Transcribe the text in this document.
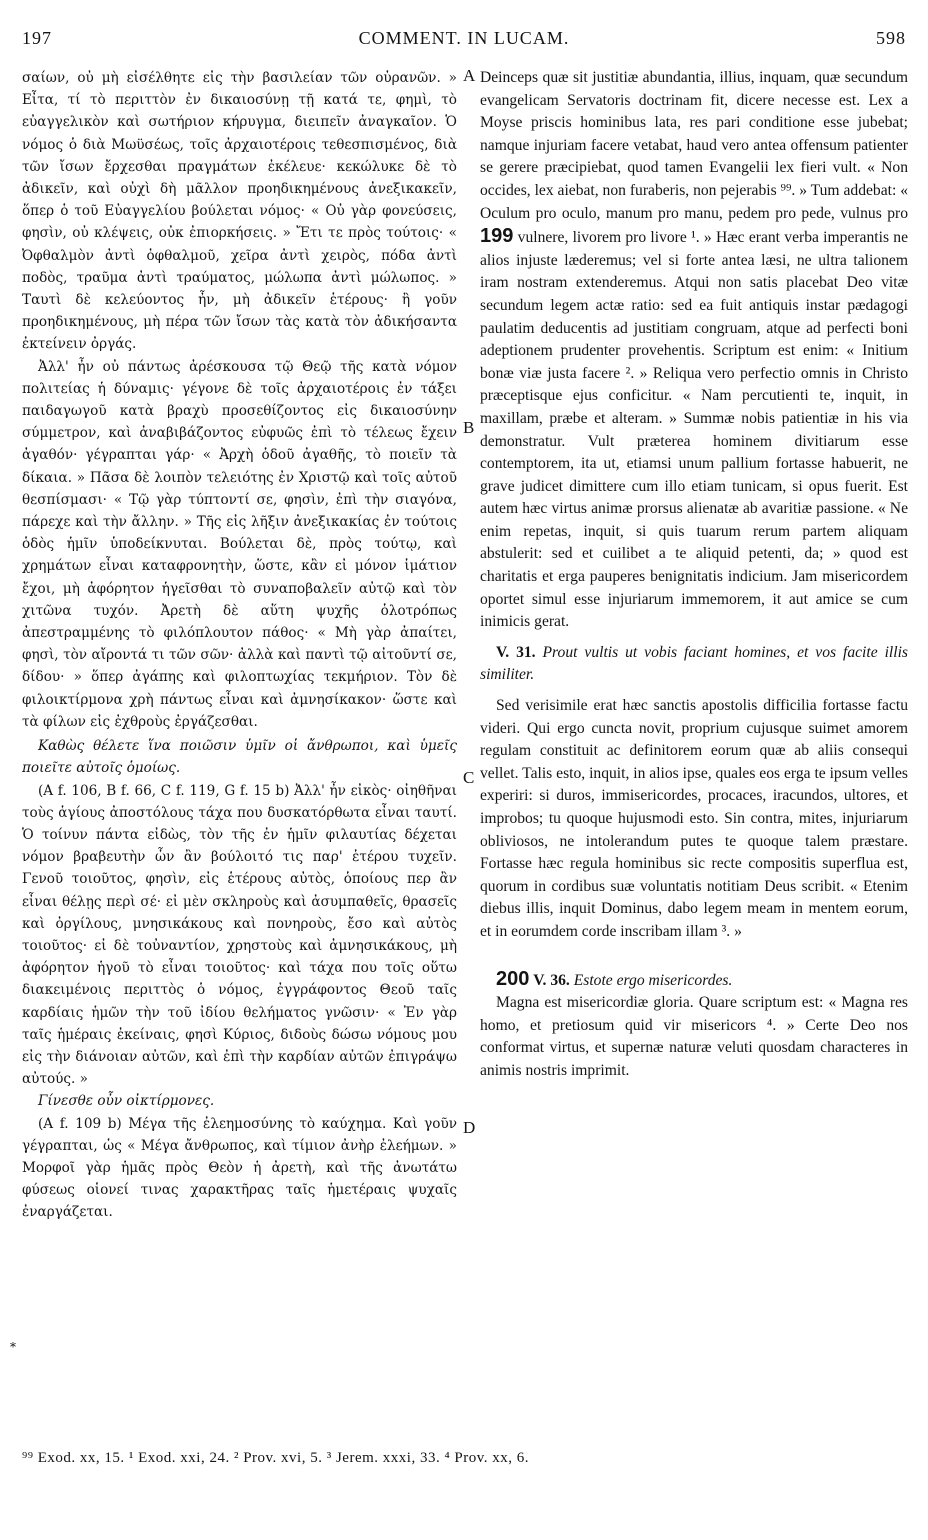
197	COMMENT. IN LUCAM.	598

σαίων, οὐ μὴ εἰσέλθητε εἰς τὴν βασιλείαν τῶν οὐρανῶν. » Εἶτα, τί τὸ περιττὸν ἐν δικαιοσύνῃ τῇ κατά τε, φημὶ, τὸ εὐαγγελικὸν καὶ σωτήριον κήρυγμα, διειπεῖν ἀναγκαῖον. Ὁ νόμος ὁ διὰ Μωϋσέως, τοῖς ἀρχαιοτέροις τεθεσπισμένος, διὰ τῶν ἴσων ἔρχεσθαι πραγμάτων ἐκέλευε· κεκώλυκε δὲ τὸ ἀδικεῖν, καὶ οὐχὶ δὴ μᾶλλον προηδικημένους ἀνεξικακεῖν, ὅπερ ὁ τοῦ Εὐαγγελίου βούλεται νόμος· « Οὐ γὰρ φονεύσεις, φησὶν, οὐ κλέψεις, οὐκ ἐπιορκήσεις. » Ἔτι τε πρὸς τούτοις· « Ὀφθαλμὸν ἀντὶ ὀφθαλμοῦ, χεῖρα ἀντὶ χειρὸς, πόδα ἀντὶ ποδὸς, τραῦμα ἀντὶ τραύματος, μώλωπα ἀντὶ μώλωπος. » Ταυτὶ δὲ κελεύοντος ἦν, μὴ ἀδικεῖν ἑτέρους· ἢ γοῦν προηδικημένους, μὴ πέρα τῶν ἴσων τὰς κατὰ τὸν ἀδικήσαντα ἐκτείνειν ὀργάς.

Ἀλλ' ἦν οὐ πάντως ἀρέσκουσα τῷ Θεῷ τῆς κατὰ νόμον πολιτείας ἡ δύναμις· γέγονε δὲ τοῖς ἀρχαιοτέροις ἐν τάξει παιδαγωγοῦ κατὰ βραχὺ προσεθίζοντος εἰς δικαιοσύνην σύμμετρον, καὶ ἀναβιβάζοντος εὐφυῶς ἐπὶ τὸ τέλεως ἔχειν ἀγαθόν· γέγραπται γάρ· « Ἀρχὴ ὁδοῦ ἀγαθῆς, τὸ ποιεῖν τὰ δίκαια. » Πᾶσα δὲ λοιπὸν τελειότης ἐν Χριστῷ καὶ τοῖς αὐτοῦ θεσπίσμασι· « Τῷ γὰρ τύπτοντί σε, φησὶν, ἐπὶ τὴν σιαγόνα, πάρεχε καὶ τὴν ἄλλην. » Τῆς εἰς λῆξιν ἀνεξικακίας ἐν τούτοις ὁδὸς ἡμῖν ὑποδείκνυται. Βούλεται δὲ, πρὸς τούτῳ, καὶ χρημάτων εἶναι καταφρονητὴν, ὥστε, κἂν εἰ μόνον ἱμάτιον ἔχοι, μὴ ἀφόρητον ἡγεῖσθαι τὸ συναποβαλεῖν αὐτῷ καὶ τὸν χιτῶνα τυχόν. Ἀρετὴ δὲ αὕτη ψυχῆς ὁλοτρόπως ἀπεστραμμένης τὸ φιλόπλουτον πάθος· « Μὴ γὰρ ἀπαίτει, φησὶ, τὸν αἴροντά τι τῶν σῶν· ἀλλὰ καὶ παντὶ τῷ αἰτοῦντί σε, δίδου· » ὅπερ ἀγάπης καὶ φιλοπτωχίας τεκμήριον. Τὸν δὲ φιλοικτίρμονα χρὴ πάντως εἶναι καὶ ἀμνησίκακον· ὥστε καὶ τὰ φίλων εἰς ἐχθροὺς ἐργάζεσθαι.

Καθὼς θέλετε ἵνα ποιῶσιν ὑμῖν οἱ ἄνθρωποι, καὶ ὑμεῖς ποιεῖτε αὐτοῖς ὁμοίως.

(A f. 106, B f. 66, C f. 119, G f. 15 b) Ἀλλ' ἦν εἰκὸς· οἰηθῆναι τοὺς ἁγίους ἀποστόλους τάχα που δυσκατόρθωτα εἶναι ταυτί. Ὁ τοίνυν πάντα εἰδὼς, τὸν τῆς ἐν ἡμῖν φιλαυτίας δέχεται νόμον βραβευτὴν ὧν ἂν βούλοιτό τις παρ' ἑτέρου τυχεῖν. Γενοῦ τοιοῦτος, φησὶν, εἰς ἑτέρους αὐτὸς, ὁποίους περ ἂν εἶναι θέλῃς περὶ σέ· εἰ μὲν σκληροὺς καὶ ἀσυμπαθεῖς, θρασεῖς καὶ ὀργίλους, μνησικάκους καὶ πονηροὺς, ἔσο καὶ αὐτὸς τοιοῦτος· εἰ δὲ τοὐναντίον, χρηστοὺς καὶ ἀμνησικάκους, μὴ ἀφόρητον ἡγοῦ τὸ εἶναι τοιοῦτος· καὶ τάχα που τοῖς οὕτω διακειμένοις περιττὸς ὁ νόμος, ἐγγράφοντος Θεοῦ ταῖς καρδίαις ἡμῶν τὴν τοῦ ἰδίου θελήματος γνῶσιν· « Ἐν γὰρ ταῖς ἡμέραις ἐκείναις, φησὶ Κύριος, διδοὺς δώσω νόμους μου εἰς τὴν διάνοιαν αὐτῶν, καὶ ἐπὶ τὴν καρδίαν αὐτῶν ἐπιγράψω αὐτούς. »

Γίνεσθε οὖν οἰκτίρμονες.

(A f. 109 b) Μέγα τῆς ἐλεημοσύνης τὸ καύχημα. Καὶ γοῦν γέγραπται, ὡς « Μέγα ἄνθρωπος, καὶ τίμιον ἀνὴρ ἐλεήμων. » Μορφοῖ γὰρ ἡμᾶς πρὸς Θεὸν ἡ ἀρετὴ, καὶ τῆς ἀνωτάτω φύσεως οἱονεί τινας χαρακτῆρας ταῖς ἡμετέραις ψυχαῖς ἐναργάζεται.

A
B
C
D
*

Deinceps quæ sit justitiæ abundantia, illius, inquam, quæ secundum evangelicam Servatoris doctrinam fit, dicere necesse est. Lex a Moyse priscis hominibus lata, res pari conditione esse jubebat; namque injuriam facere vetabat, haud vero antea offensum patienter se gerere præcipiebat, quod tamen Evangelii lex fieri vult. « Non occides, lex aiebat, non furaberis, non pejerabis ⁹⁹. » Tum addebat: « Oculum pro oculo, manum pro manu, pedem pro pede, vulnus pro 199 vulnere, livorem pro livore ¹. » Hæc erant verba imperantis ne alios injuste læderemus; vel si forte antea læsi, ne ultra talionem iram nostram extenderemus. Atqui non satis placebat Deo vitæ secundum legem actæ ratio: sed ea fuit antiquis instar pædagogi paulatim deducentis ad justitiam congruam, atque ad perfecti boni adeptionem prudenter provehentis. Scriptum est enim: « Initium bonæ viæ justa facere ². » Reliqua vero perfectio omnis in Christo præceptisque ejus conficitur. « Nam percutienti te, inquit, in maxillam, præbe et alteram. » Summæ nobis patientiæ in his via demonstratur. Vult præterea hominem divitiarum esse contemptorem, ita ut, etiamsi unum pallium fortasse habuerit, ne grave judicet dimittere cum illo etiam tunicam, si opus fuerit. Est autem hæc virtus animæ prorsus alienatæ ab avaritiæ passione. « Ne enim repetas, inquit, si quis tuarum rerum partem aliquam abstulerit: sed et cuilibet a te aliquid petenti, da; » quod est charitatis et erga pauperes benignitatis indicium. Jam misericordem oportet simul esse injuriarum immemorem, it aut amice se cum inimicis gerat.

V. 31. Prout vultis ut vobis faciant homines, et vos facite illis similiter.

Sed verisimile erat hæc sanctis apostolis difficilia fortasse factu videri. Qui ergo cuncta novit, proprium cujusque suimet amorem regulam constituit ac definitorem eorum quæ ab aliis consequi vellet. Talis esto, inquit, in alios ipse, quales eos erga te ipsum velles experiri: si duros, immisericordes, procaces, iracundos, ultores, et improbos; tu quoque hujusmodi esto. Sin contra, mites, injuriarum obliviosos, ne intolerandum putes te quoque talem præstare. Fortasse hæc regula hominibus sic recte compositis superflua est, quorum in cordibus suæ voluntatis notitiam Deus scribit. « Etenim diebus illis, inquit Dominus, dabo legem meam in mentem eorum, et in eorumdem corde inscribam illam ³. »

200 V. 36. Estote ergo misericordes.

Magna est misericordiæ gloria. Quare scriptum est: « Magna res homo, et pretiosum quid vir misericors ⁴. » Certe Deo nos conformat virtus, et supernæ naturæ veluti quosdam characteres in animis nostris imprimit.

⁹⁹ Exod. xx, 15. ¹ Exod. xxi, 24. ² Prov. xvi, 5. ³ Jerem. xxxi, 33. ⁴ Prov. xx, 6.
